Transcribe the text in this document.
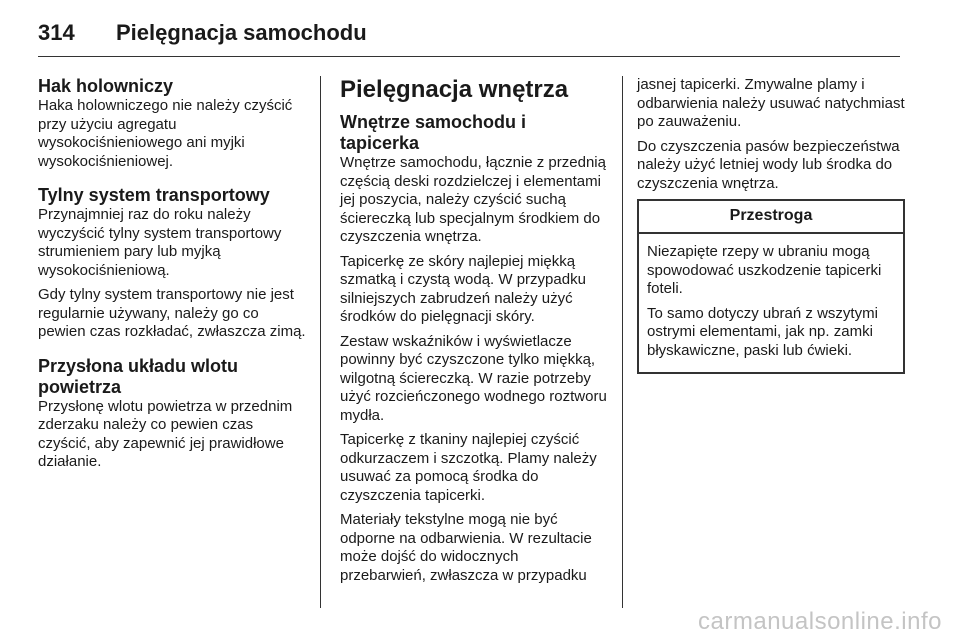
314 Pielęgnacja samochodu
Hak holowniczy

Haka holowniczego nie należy czyścić przy użyciu agregatu wysokociśnieniowego ani myjki wysokociśnieniowej.

Tylny system transportowy

Przynajmniej raz do roku należy wyczyścić tylny system transportowy strumieniem pary lub myjką wysokociśnieniową.

Gdy tylny system transportowy nie jest regularnie używany, należy go co pewien czas rozkładać, zwłaszcza zimą.

Przysłona układu wlotu powietrza

Przysłonę wlotu powietrza w przednim zderzaku należy co pewien czas czyścić, aby zapewnić jej prawidłowe działanie.

Pielęgnacja wnętrza
Wnętrze samochodu i tapicerka

Wnętrze samochodu, łącznie z przednią częścią deski rozdzielczej i elementami jej poszycia, należy czyścić suchą ściereczką lub specjalnym środkiem do czyszczenia wnętrza.

Tapicerkę ze skóry najlepiej miękką szmatką i czystą wodą. W przypadku silniejszych zabrudzeń należy użyć środków do pielęgnacji skóry.

Zestaw wskaźników i wyświetlacze powinny być czyszczone tylko miękką, wilgotną ściereczką. W razie potrzeby użyć rozcieńczonego wodnego roztworu mydła.

Tapicerkę z tkaniny najlepiej czyścić odkurzaczem i szczotką. Plamy należy usuwać za pomocą środka do czyszczenia tapicerki.

Materiały tekstylne mogą nie być odporne na odbarwienia. W rezultacie może dojść do widocznych przebarwień, zwłaszcza w przypadku

jasnej tapicerki. Zmywalne plamy i odbarwienia należy usuwać natychmiast po zauważeniu.

Do czyszczenia pasów bezpieczeństwa należy użyć letniej wody lub środka do czyszczenia wnętrza.

Przestroga

Niezapięte rzepy w ubraniu mogą spowodować uszkodzenie tapicerki foteli.

To samo dotyczy ubrań z wszytymi ostrymi elementami, jak np. zamki błyskawiczne, paski lub ćwieki.

carmanualsonline.info
